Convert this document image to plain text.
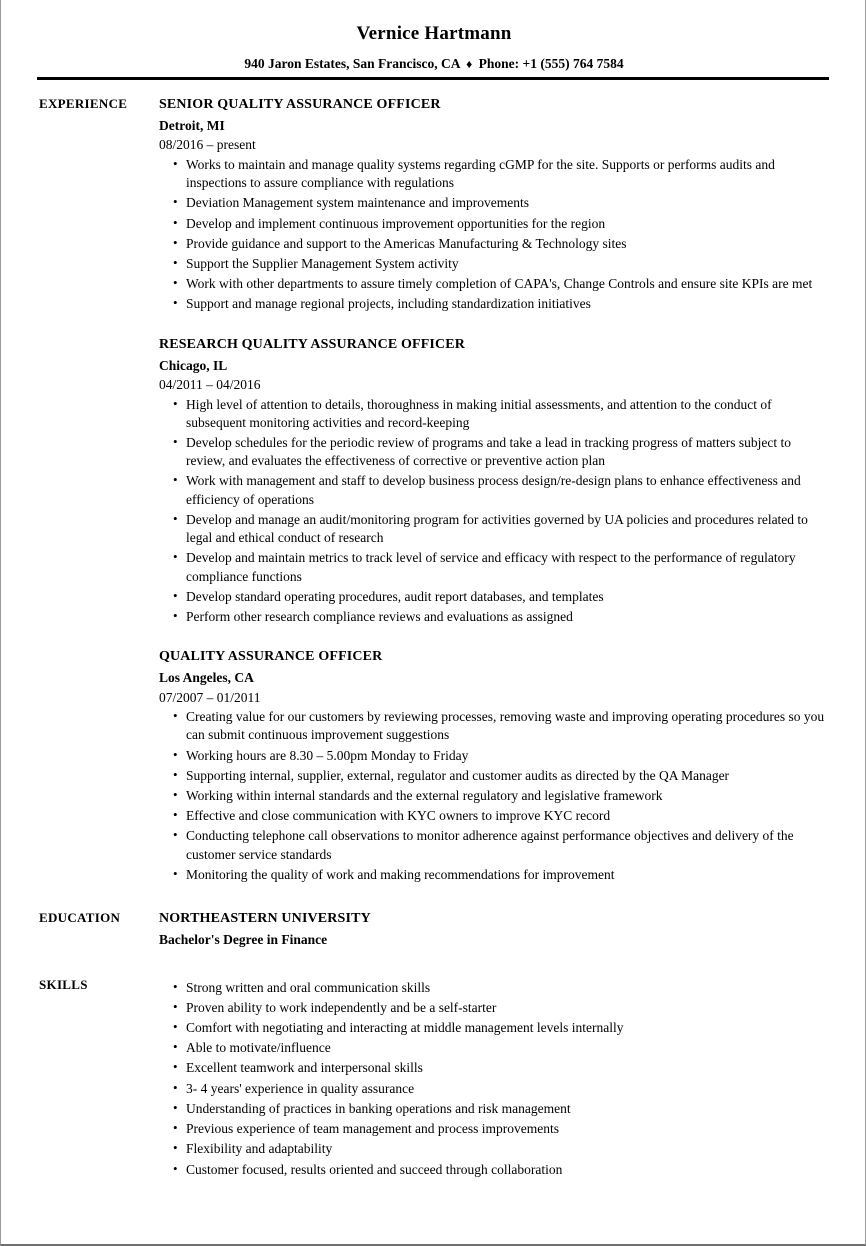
Vernice Hartmann
940 Jaron Estates, San Francisco, CA ♦ Phone: +1 (555) 764 7584
EXPERIENCE	SENIOR QUALITY ASSURANCE OFFICER
Detroit, MI
08/2016 – present
• Works to maintain and manage quality systems regarding cGMP for the site. Supports or performs audits and inspections to assure compliance with regulations
• Deviation Management system maintenance and improvements
• Develop and implement continuous improvement opportunities for the region
• Provide guidance and support to the Americas Manufacturing & Technology sites
• Support the Supplier Management System activity
• Work with other departments to assure timely completion of CAPA's, Change Controls and ensure site KPIs are met
• Support and manage regional projects, including standardization initiatives
RESEARCH QUALITY ASSURANCE OFFICER
Chicago, IL
04/2011 – 04/2016
• High level of attention to details, thoroughness in making initial assessments, and attention to the conduct of subsequent monitoring activities and record-keeping
• Develop schedules for the periodic review of programs and take a lead in tracking progress of matters subject to review, and evaluates the effectiveness of corrective or preventive action plan
• Work with management and staff to develop business process design/re-design plans to enhance effectiveness and efficiency of operations
• Develop and manage an audit/monitoring program for activities governed by UA policies and procedures related to legal and ethical conduct of research
• Develop and maintain metrics to track level of service and efficacy with respect to the performance of regulatory compliance functions
• Develop standard operating procedures, audit report databases, and templates
• Perform other research compliance reviews and evaluations as assigned
QUALITY ASSURANCE OFFICER
Los Angeles, CA
07/2007 – 01/2011
• Creating value for our customers by reviewing processes, removing waste and improving operating procedures so you can submit continuous improvement suggestions
• Working hours are 8.30 – 5.00pm Monday to Friday
• Supporting internal, supplier, external, regulator and customer audits as directed by the QA Manager
• Working within internal standards and the external regulatory and legislative framework
• Effective and close communication with KYC owners to improve KYC record
• Conducting telephone call observations to monitor adherence against performance objectives and delivery of the customer service standards
• Monitoring the quality of work and making recommendations for improvement
EDUCATION	NORTHEASTERN UNIVERSITY
Bachelor's Degree in Finance
SKILLS	• Strong written and oral communication skills
• Proven ability to work independently and be a self-starter
• Comfort with negotiating and interacting at middle management levels internally
• Able to motivate/influence
• Excellent teamwork and interpersonal skills
• 3- 4 years' experience in quality assurance
• Understanding of practices in banking operations and risk management
• Previous experience of team management and process improvements
• Flexibility and adaptability
• Customer focused, results oriented and succeed through collaboration
